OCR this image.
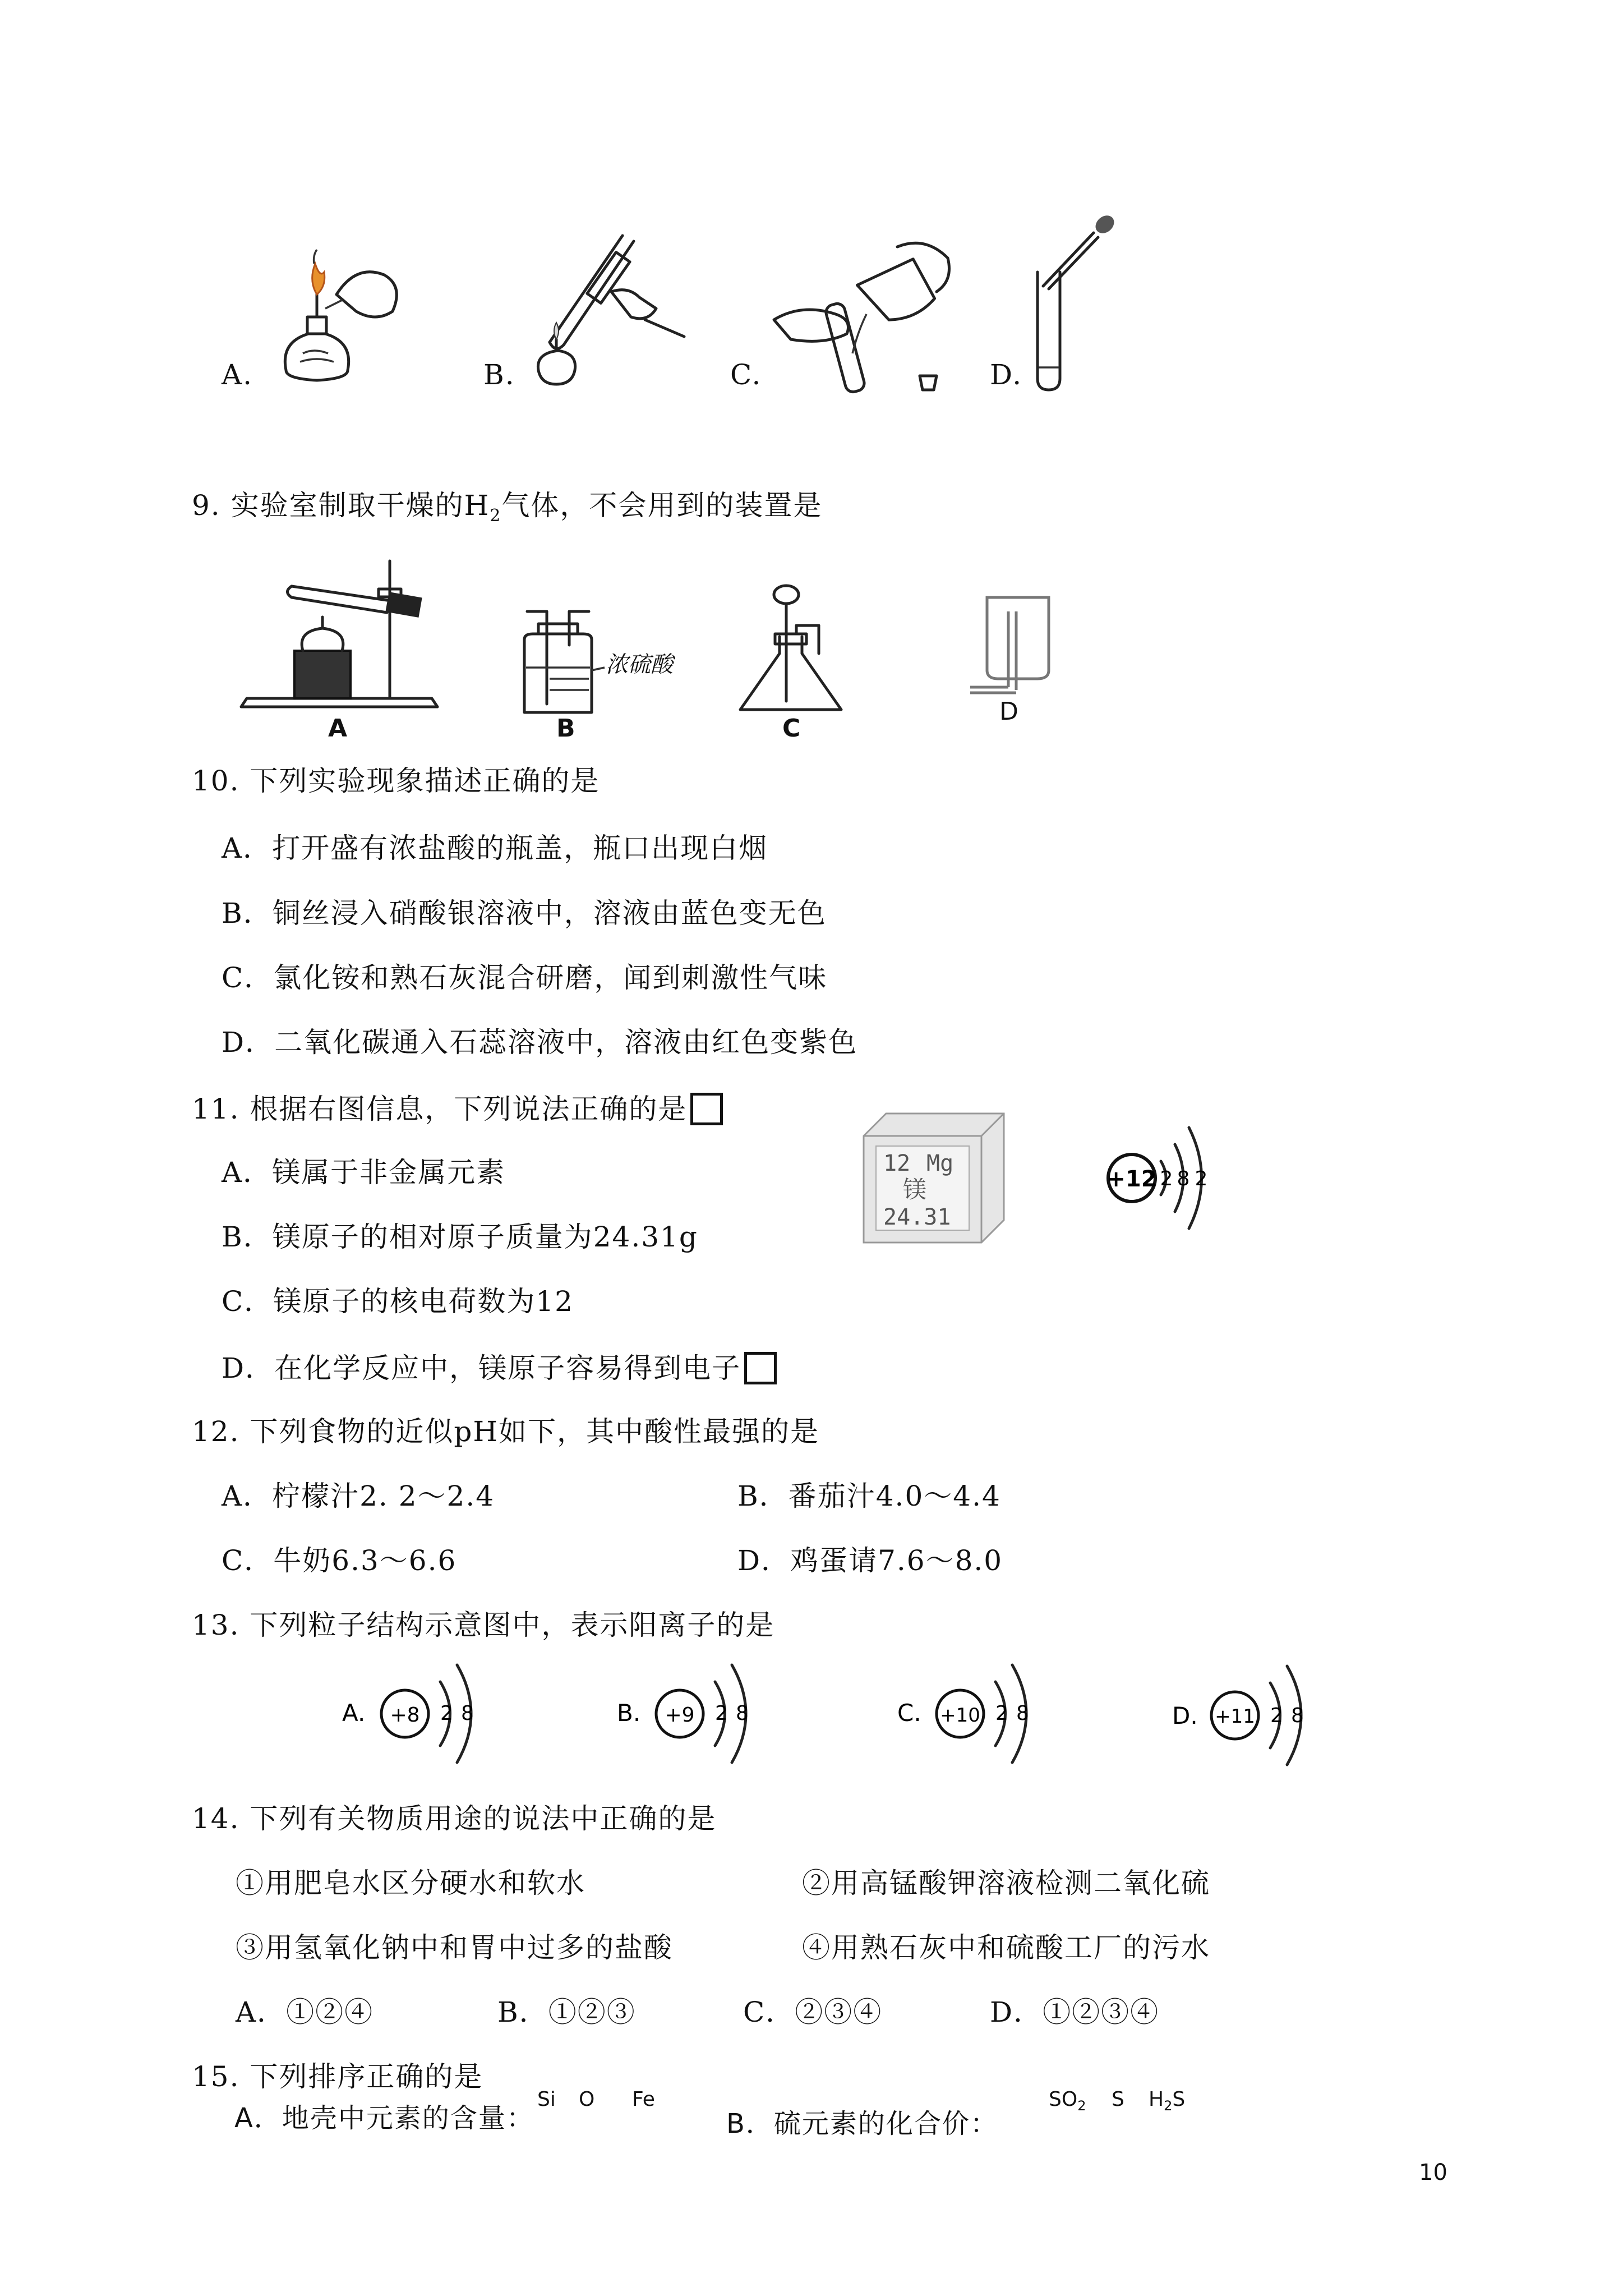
A.	B.	C.	D.
9. 实验室制取干燥的$H_2$气体，不会用到的装置是
A
浓硫酸
B	C
D
10. 下列实验现象描述正确的是
A．打开盛有浓盐酸的瓶盖，瓶口出现白烟
B．铜丝浸入硝酸银溶液中，溶液由蓝色变无色
C．氯化铵和熟石灰混合研磨，闻到刺激性气味
D．二氧化碳通入石蕊溶液中，溶液由红色变紫色
11. 根据右图信息，下列说法正确的是
A．镁属于非金属元素
B．镁原子的相对原子质量为24.31g
C．镁原子的核电荷数为12
D．在化学反应中，镁原子容易得到电子
12 Mg
镁
24.31
+12 2 8 2
12. 下列食物的近似pH如下，其中酸性最强的是
A．柠檬汁2. 2～2.4	B．番茄汁4.0～4.4
C．牛奶6.3～6.6	D．鸡蛋请7.6～8.0
13. 下列粒子结构示意图中，表示阳离子的是
A. +8 2 8	B. +9 2 8	C. +10 2 8	D. +11 2 8
14. 下列有关物质用途的说法中正确的是
①用肥皂水区分硬水和软水	②用高锰酸钾溶液检测二氧化硫
③用氢氧化钠中和胃中过多的盐酸	④用熟石灰中和硫酸工厂的污水
A．①②④	B．①②③	C．②③④	D．①②③④
15. 下列排序正确的是
A．地壳中元素的含量：
Si O Fe
B．硫元素的化合价：
$SO_2$ S $H_2S$
10
